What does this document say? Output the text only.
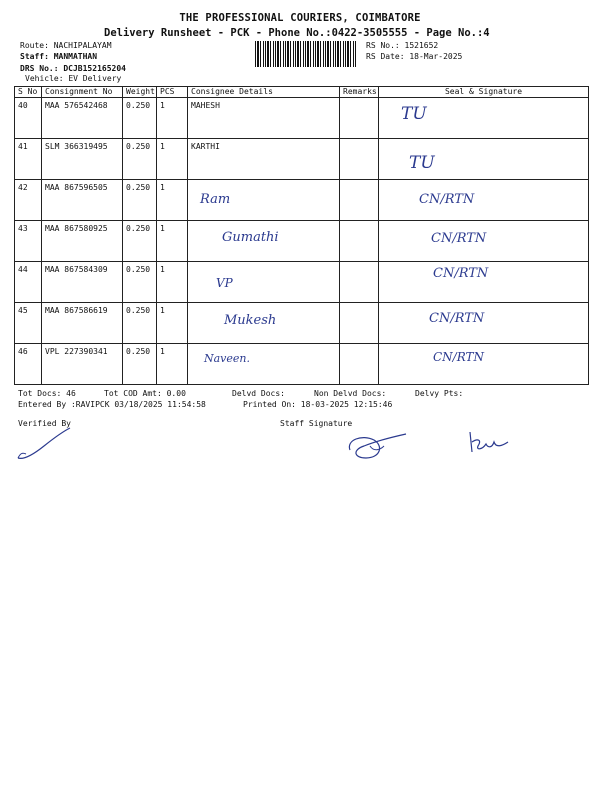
THE PROFESSIONAL COURIERS, COIMBATORE
Delivery Runsheet - PCK - Phone No.:0422-3505555 - Page No.:4
Route: NACHIPALAYAM
Staff: MANMATHAN
DRS No.: DCJB152165204
Vehicle: EV Delivery
RS No.: 1521652
RS Date: 18-Mar-2025
S No	Consignment No	Weight	PCS	Consignee Details	Remarks	Seal & Signature
40	MAA 576542468	0.250	1	MAHESH		TU

41	SLM 366319495	0.250	1	KARTHI		TU

42	MAA 867596505	0.250	1	Ram		CN/RTN

43	MAA 867580925	0.250	1	Gumathi		CN/RTN

44	MAA 867584309	0.250	1	VP		CN/RTN

45	MAA 867586619	0.250	1	Mukesh		CN/RTN

46	VPL 227390341	0.250	1	Naveen.		CN/RTN
Tot Docs: 46	Tot COD Amt: 0.00	Delvd Docs:	Non Delvd Docs:	Delvy Pts:
Entered By :RAVIPCK 03/18/2025 11:54:58	Printed On: 18-03-2025 12:15:46
Verified By	Staff Signature
